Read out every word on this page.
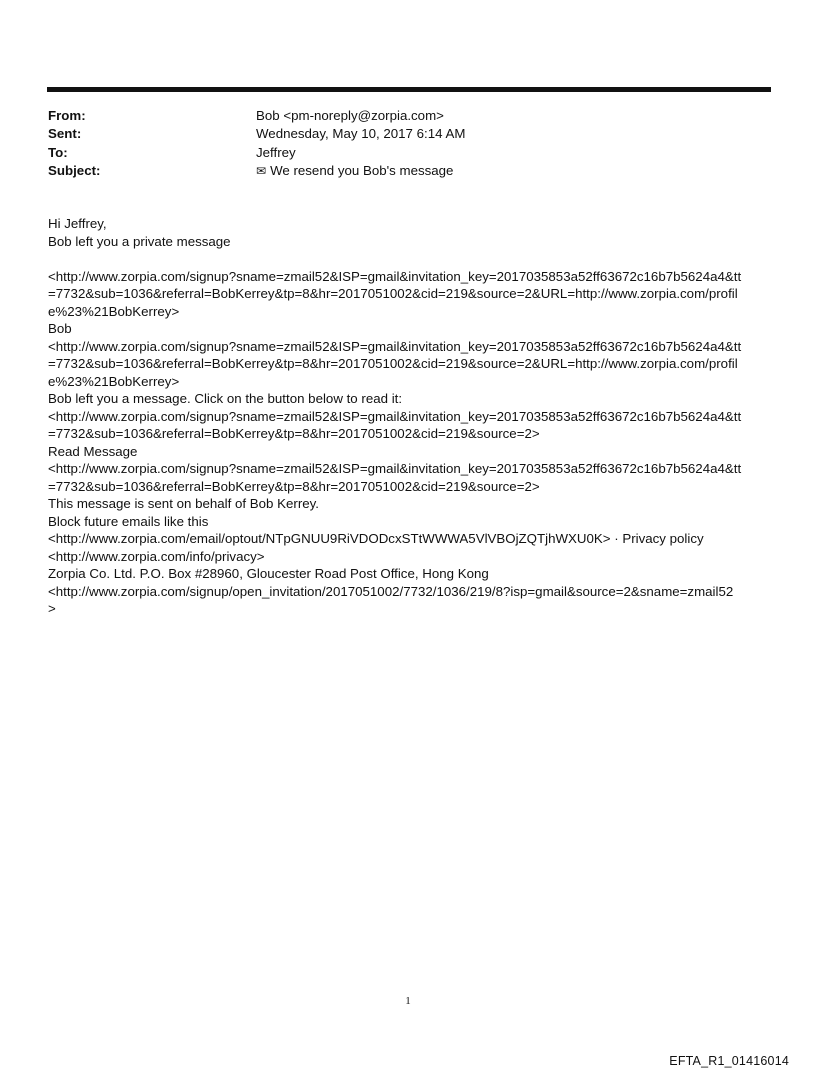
From:	Bob <pm-noreply@zorpia.com>
Sent:	Wednesday, May 10, 2017 6:14 AM
To:	Jeffrey
Subject:	✉ We resend you Bob's message
Hi Jeffrey,
Bob left you a private message
<http://www.zorpia.com/signup?sname=zmail52&ISP=gmail&invitation_key=2017035853a52ff63672c16b7b5624a4&tt
=7732&sub=1036&referral=BobKerrey&tp=8&hr=2017051002&cid=219&source=2&URL=http://www.zorpia.com/profil
e%23%21BobKerrey>
Bob
<http://www.zorpia.com/signup?sname=zmail52&ISP=gmail&invitation_key=2017035853a52ff63672c16b7b5624a4&tt
=7732&sub=1036&referral=BobKerrey&tp=8&hr=2017051002&cid=219&source=2&URL=http://www.zorpia.com/profil
e%23%21BobKerrey>
Bob left you a message. Click on the button below to read it:
<http://www.zorpia.com/signup?sname=zmail52&ISP=gmail&invitation_key=2017035853a52ff63672c16b7b5624a4&tt
=7732&sub=1036&referral=BobKerrey&tp=8&hr=2017051002&cid=219&source=2>
Read Message
<http://www.zorpia.com/signup?sname=zmail52&ISP=gmail&invitation_key=2017035853a52ff63672c16b7b5624a4&tt
=7732&sub=1036&referral=BobKerrey&tp=8&hr=2017051002&cid=219&source=2>
This message is sent on behalf of Bob Kerrey.
Block future emails like this
<http://www.zorpia.com/email/optout/NTpGNUU9RiVDODcxSTtWWWA5VlVBOjZQTjhWXU0K> · Privacy policy
<http://www.zorpia.com/info/privacy>
Zorpia Co. Ltd. P.O. Box #28960, Gloucester Road Post Office, Hong Kong
<http://www.zorpia.com/signup/open_invitation/2017051002/7732/1036/219/8?isp=gmail&source=2&sname=zmail52
>
1
EFTA_R1_01416014
